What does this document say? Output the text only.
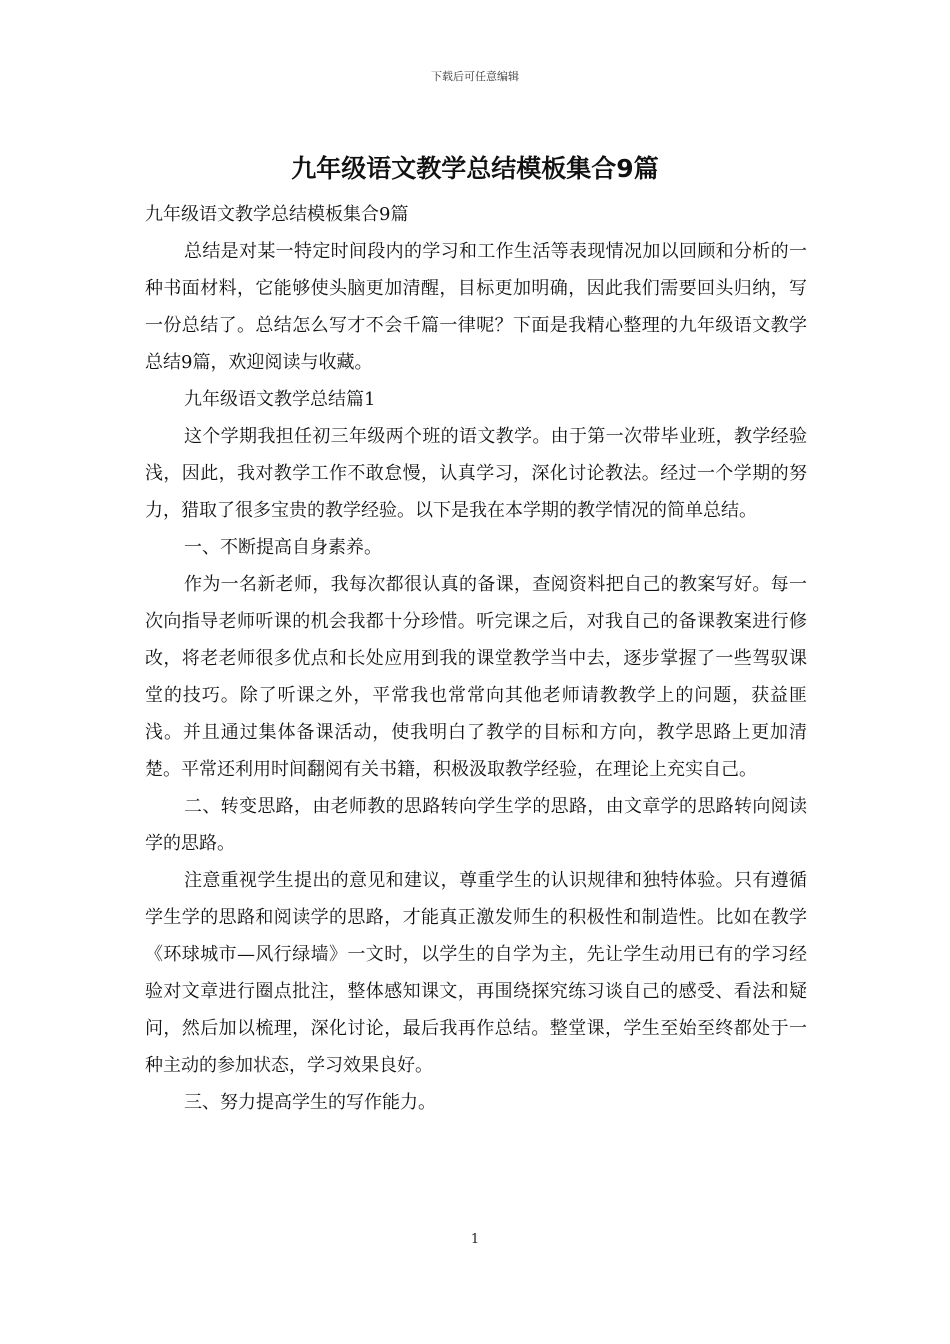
下载后可任意编辑
九年级语文教学总结模板集合9篇

九年级语文教学总结模板集合9篇

总结是对某一特定时间段内的学习和工作生活等表现情况加以回顾和分析的一种书面材料，它能够使头脑更加清醒，目标更加明确，因此我们需要回头归纳，写一份总结了。总结怎么写才不会千篇一律呢？下面是我精心整理的九年级语文教学总结9篇，欢迎阅读与收藏。

九年级语文教学总结篇1

这个学期我担任初三年级两个班的语文教学。由于第一次带毕业班，教学经验浅，因此，我对教学工作不敢怠慢，认真学习，深化讨论教法。经过一个学期的努力，猎取了很多宝贵的教学经验。以下是我在本学期的教学情况的简单总结。

一、不断提高自身素养。

作为一名新老师，我每次都很认真的备课，查阅资料把自己的教案写好。每一次向指导老师听课的机会我都十分珍惜。听完课之后，对我自己的备课教案进行修改，将老老师很多优点和长处应用到我的课堂教学当中去，逐步掌握了一些驾驭课堂的技巧。除了听课之外，平常我也常常向其他老师请教教学上的问题，获益匪浅。并且通过集体备课活动，使我明白了教学的目标和方向，教学思路上更加清楚。平常还利用时间翻阅有关书籍，积极汲取教学经验，在理论上充实自己。

二、转变思路，由老师教的思路转向学生学的思路，由文章学的思路转向阅读学的思路。

注意重视学生提出的意见和建议，尊重学生的认识规律和独特体验。只有遵循学生学的思路和阅读学的思路，才能真正激发师生的积极性和制造性。比如在教学《环球城市—风行绿墙》一文时，以学生的自学为主，先让学生动用已有的学习经验对文章进行圈点批注，整体感知课文，再围绕探究练习谈自己的感受、看法和疑问，然后加以梳理，深化讨论，最后我再作总结。整堂课，学生至始至终都处于一种主动的参加状态，学习效果良好。

三、努力提高学生的写作能力。

1
